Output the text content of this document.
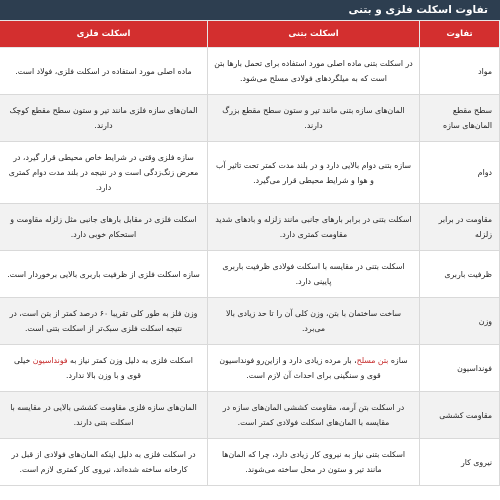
تفاوت اسکلت فلزی و بتنی
تفاوت	اسکلت بتنی	اسکلت فلزی
مواد	در اسکلت بتنی ماده اصلی مورد استفاده برای تحمل بارها بتن است که به میلگردهای فولادی مسلح می‌شود.	ماده اصلی مورد استفاده در اسکلت فلزی، فولاد است.
سطح مقطع المان‌های سازه	المان‌های سازه بتنی مانند تیر و ستون سطح مقطع بزرگ دارند.	المان‌های سازه فلزی مانند تیر و ستون سطح مقطع کوچک دارند.
دوام	سازه بتنی دوام بالایی دارد و در بلند مدت کمتر تحت تاثیر آب و هوا و شرایط محیطی قرار می‌گیرد.	سازه فلزی وقتی در شرایط خاص محیطی قرار گیرد، در معرض زنگ‌زدگی است و در نتیجه در بلند مدت دوام کمتری دارد.
مقاومت در برابر زلزله	اسکلت بتنی در برابر بارهای جانبی مانند زلزله و بادهای شدید مقاومت کمتری دارد.	اسکلت فلزی در مقابل بارهای جانبی مثل زلزله مقاومت و استحکام خوبی دارد.
ظرفیت باربری	اسکلت بتنی در مقایسه با اسکلت فولادی ظرفیت باربری پایینی دارد.	سازه اسکلت فلزی از ظرفیت باربری بالایی برخوردار است.
وزن	ساخت ساختمان با بتن، وزن کلی آن را تا حد زیادی بالا می‌برد.	وزن فلز به طور کلی تقریبا ۶۰ درصد کمتر از بتن است، در نتیجه اسکلت فلزی سبک‌تر از اسکلت بتنی است.
فونداسیون	سازه بتن مسلح، بار مرده زیادی دارد و ازاین‌رو فونداسیون قوی و سنگینی برای احداث آن لازم است.	اسکلت فلزی به دلیل وزن کمتر نیاز به فونداسیون خیلی قوی و با وزن بالا ندارد.
مقاومت کششی	در اسکلت بتن آرمه، مقاومت کششی المان‌های سازه در مقایسه با المان‌های اسکلت فولادی کمتر است.	المان‌های سازه فلزی مقاومت کششی بالایی در مقایسه با اسکلت بتنی دارند.
نیروی کار	اسکلت بتنی نیاز به نیروی کار زیادی دارد، چرا که المان‌ها مانند تیر و ستون در محل ساخته می‌شوند.	در اسکلت فلزی به دلیل اینکه المان‌های فولادی از قبل در کارخانه ساخته شده‌اند، نیروی کار کمتری لازم است.
